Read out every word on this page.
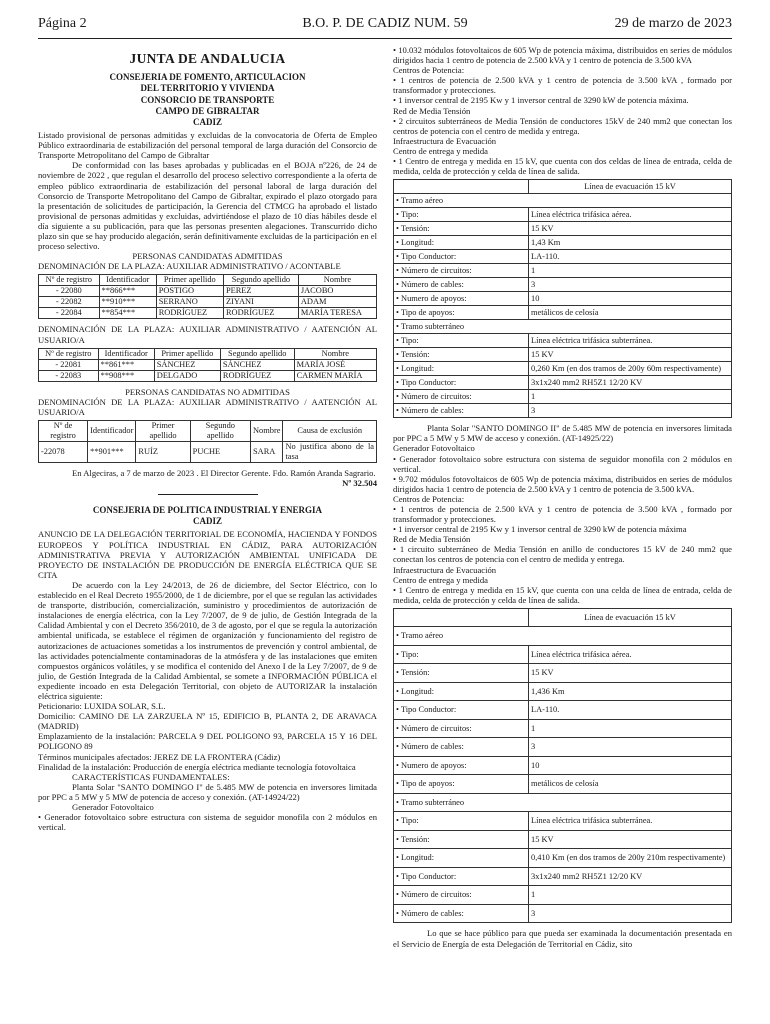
Página 2	B.O. P. DE CADIZ NUM. 59	29 de marzo de 2023
JUNTA DE ANDALUCIA
CONSEJERIA DE FOMENTO, ARTICULACION
DEL TERRITORIO Y VIVIENDA
CONSORCIO DE TRANSPORTE
CAMPO DE GIBRALTAR
CADIZ

Listado provisional de personas admitidas y excluidas de la convocatoria de Oferta de Empleo Público extraordinaria de estabilización del personal temporal de larga duración del Consorcio de Transporte Metropolitano del Campo de Gibraltar

De conformidad con las bases aprobadas y publicadas en el BOJA nº226, de 24 de noviembre de 2022 , que regulan el desarrollo del proceso selectivo correspondiente a la oferta de empleo público extraordinaria de estabilización del personal laboral de larga duración del Consorcio de Transporte Metropolitano del Campo de Gibraltar, expirado el plazo otorgado para la presentación de solicitudes de participación, la Gerencia del CTMCG ha aprobado el listado provisional de personas admitidas y excluidas, advirtiéndose el plazo de 10 días hábiles desde el día siguiente a su publicación, para que las personas presenten alegaciones. Transcurrido dicho plazo sin que se hay producido alegación, serán definitivamente excluidas de la participación en el proceso selectivo.

PERSONAS CANDIDATAS ADMITIDAS

DENOMINACIÓN DE LA PLAZA: AUXILIAR ADMINISTRATIVO / ACONTABLE

Nº de registro	Identificador	Primer apellido	Segundo apellido	Nombre
- 22080	**866***	POSTIGO	PEREZ	JACOBO
- 22082	**910***	SERRANO	ZIYANI	ADAM
- 22084	**854***	RODRÍGUEZ	RODRÍGUEZ	MARÍA TERESA

DENOMINACIÓN DE LA PLAZA: AUXILIAR ADMINISTRATIVO / AATENCIÓN AL USUARIO/A

Nº de registro	Identificador	Primer apellido	Segundo apellido	Nombre
- 22081	**861***	SÁNCHEZ	SÁNCHEZ	MARÍA JOSÉ
- 22083	**908***	DELGADO	RODRÍGUEZ	CARMEN MARÍA

PERSONAS CANDIDATAS NO ADMITIDAS

DENOMINACIÓN DE LA PLAZA: AUXILIAR ADMINISTRATIVO / AATENCIÓN AL USUARIO/A

Nº de registro	Identificador	Primer apellido	Segundo apellido	Nombre	Causa de exclusión
-22078	**901***	RUÍZ	PUCHE	SARA	No justifica abono de la tasa

En Algeciras, a 7 de marzo de 2023 . El Director Gerente. Fdo. Ramón Aranda Sagrario.

Nº 32.504

CONSEJERIA DE POLITICA INDUSTRIAL Y ENERGIA
CADIZ

ANUNCIO DE LA DELEGACIÓN TERRITORIAL DE ECONOMÍA, HACIENDA Y FONDOS EUROPEOS Y POLÍTICA INDUSTRIAL EN CÁDIZ, PARA AUTORIZACIÓN ADMINISTRATIVA PREVIA Y AUTORIZACIÓN AMBIENTAL UNIFICADA DE PROYECTO DE INSTALACIÓN DE PRODUCCIÓN DE ENERGÍA ELÉCTRICA QUE SE CITA

De acuerdo con la Ley 24/2013, de 26 de diciembre, del Sector Eléctrico, con lo establecido en el Real Decreto 1955/2000, de 1 de diciembre, por el que se regulan las actividades de transporte, distribución, comercialización, suministro y procedimientos de autorización de instalaciones de energía eléctrica, con la Ley 7/2007, de 9 de julio, de Gestión Integrada de la Calidad Ambiental y con el Decreto 356/2010, de 3 de agosto, por el que se regula la autorización ambiental unificada, se establece el régimen de organización y funcionamiento del registro de autorizaciones de actuaciones sometidas a los instrumentos de prevención y control ambiental, de las actividades potencialmente contaminadoras de la atmósfera y de las instalaciones que emiten compuestos orgánicos volátiles, y se modifica el contenido del Anexo I de la Ley 7/2007, de 9 de julio, de Gestión Integrada de la Calidad Ambiental, se somete a INFORMACIÓN PÚBLICA el expediente incoado en esta Delegación Territorial, con objeto de AUTORIZAR la instalación eléctrica siguiente:

Peticionario: LUXIDA SOLAR, S.L.

Domicilio: CAMINO DE LA ZARZUELA Nº 15, EDIFICIO B, PLANTA 2, DE ARAVACA (MADRID)

Emplazamiento de la instalación: PARCELA 9 DEL POLIGONO 93, PARCELA 15 Y 16 DEL POLIGONO 89

Términos municipales afectados: JEREZ DE LA FRONTERA (Cádiz)

Finalidad de la instalación: Producción de energía eléctrica mediante tecnología fotovoltaica

CARACTERÍSTICAS FUNDAMENTALES:

Planta Solar "SANTO DOMINGO I" de 5.485 MW de potencia en inversores limitada por PPC a 5 MW y 5 MW de potencia de acceso y conexión. (AT-14924/22)

Generador Fotovoltaico

• Generador fotovoltaico sobre estructura con sistema de seguidor monofila con 2 módulos en vertical.

• 10.032 módulos fotovoltaicos de 605 Wp de potencia máxima, distribuidos en series de módulos dirigidos hacia 1 centro de potencia de 2.500 kVA y 1 centro de potencia de 3.500 kVA

Centros de Potencia:

• 1 centros de potencia de 2.500 kVA y 1 centro de potencia de 3.500 kVA , formado por transformador y protecciones.

• 1 inversor central de 2195 Kw y 1 inversor central de 3290 kW de potencia máxima.

Red de Media Tensión

• 2 circuitos subterráneos de Media Tensión de conductores 15kV de 240 mm2 que conectan los centros de potencia con el centro de medida y entrega.

Infraestructura de Evacuación

Centro de entrega y medida

• 1 Centro de entrega y medida en 15 kV, que cuenta con dos celdas de línea de entrada, celda de medida, celda de protección y celda de línea de salida.

	Línea de evacuación 15 kV
• Tramo aéreo	
• Tipo:	Línea eléctrica trifásica aérea.
• Tensión:	15 KV
• Longitud:	1,43 Km
• Tipo Conductor:	LA-110.
• Número de circuitos:	1
• Número de cables:	3
• Numero de apoyos:	10
• Tipo de apoyos:	metálicos de celosía
• Tramo subterráneo	
• Tipo:	Línea eléctrica trifásica subterránea.
• Tensión:	15 KV
• Longitud:	0,260 Km (en dos tramos de 200y 60m respectivamente)
• Tipo Conductor:	3x1x240 mm2 RH5Z1 12/20 KV
• Número de circuitos:	1
• Número de cables:	3

Planta Solar "SANTO DOMINGO II" de 5.485 MW de potencia en inversores limitada por PPC a 5 MW y 5 MW de acceso y conexión. (AT-14925/22)

Generador Fotovoltaico

• Generador fotovoltaico sobre estructura con sistema de seguidor monofila con 2 módulos en vertical.

• 9.702 módulos fotovoltaicos de 605 Wp de potencia máxima, distribuidos en series de módulos dirigidos hacia 1 centro de potencia de 2.500 kVA y 1 centro de potencia de 3.500 kVA.

Centros de Potencia:

• 1 centros de potencia de 2.500 kVA y 1 centro de potencia de 3.500 kVA , formado por transformador y protecciones.

• 1 inversor central de 2195 Kw y 1 inversor central de 3290 kW de potencia máxima

Red de Media Tensión

• 1 circuito subterráneo de Media Tensión en anillo de conductores 15 kV de 240 mm2 que conectan los centros de potencia con el centro de medida y entrega.

Infraestructura de Evacuación

Centro de entrega y medida

• 1 Centro de entrega y medida en 15 kV, que cuenta con una celda de línea de entrada, celda de medida, celda de protección y celda de línea de salida.

	Línea de evacuación 15 kV
• Tramo aéreo	
• Tipo:	Línea eléctrica trifásica aérea.
• Tensión:	15 KV
• Longitud:	1,436 Km
• Tipo Conductor:	LA-110.
• Número de circuitos:	1
• Número de cables:	3
• Numero de apoyos:	10
• Tipo de apoyos:	metálicos de celosía
• Tramo subterráneo	
• Tipo:	Línea eléctrica trifásica subterránea.
• Tensión:	15 KV
• Longitud:	0,410 Km (en dos tramos de 200y 210m respectivamente)
• Tipo Conductor:	3x1x240 mm2 RH5Z1 12/20 KV
• Número de circuitos:	1
• Número de cables:	3

Lo que se hace público para que pueda ser examinada la documentación presentada en el Servicio de Energía de esta Delegación de Territorial en Cádiz, sito
